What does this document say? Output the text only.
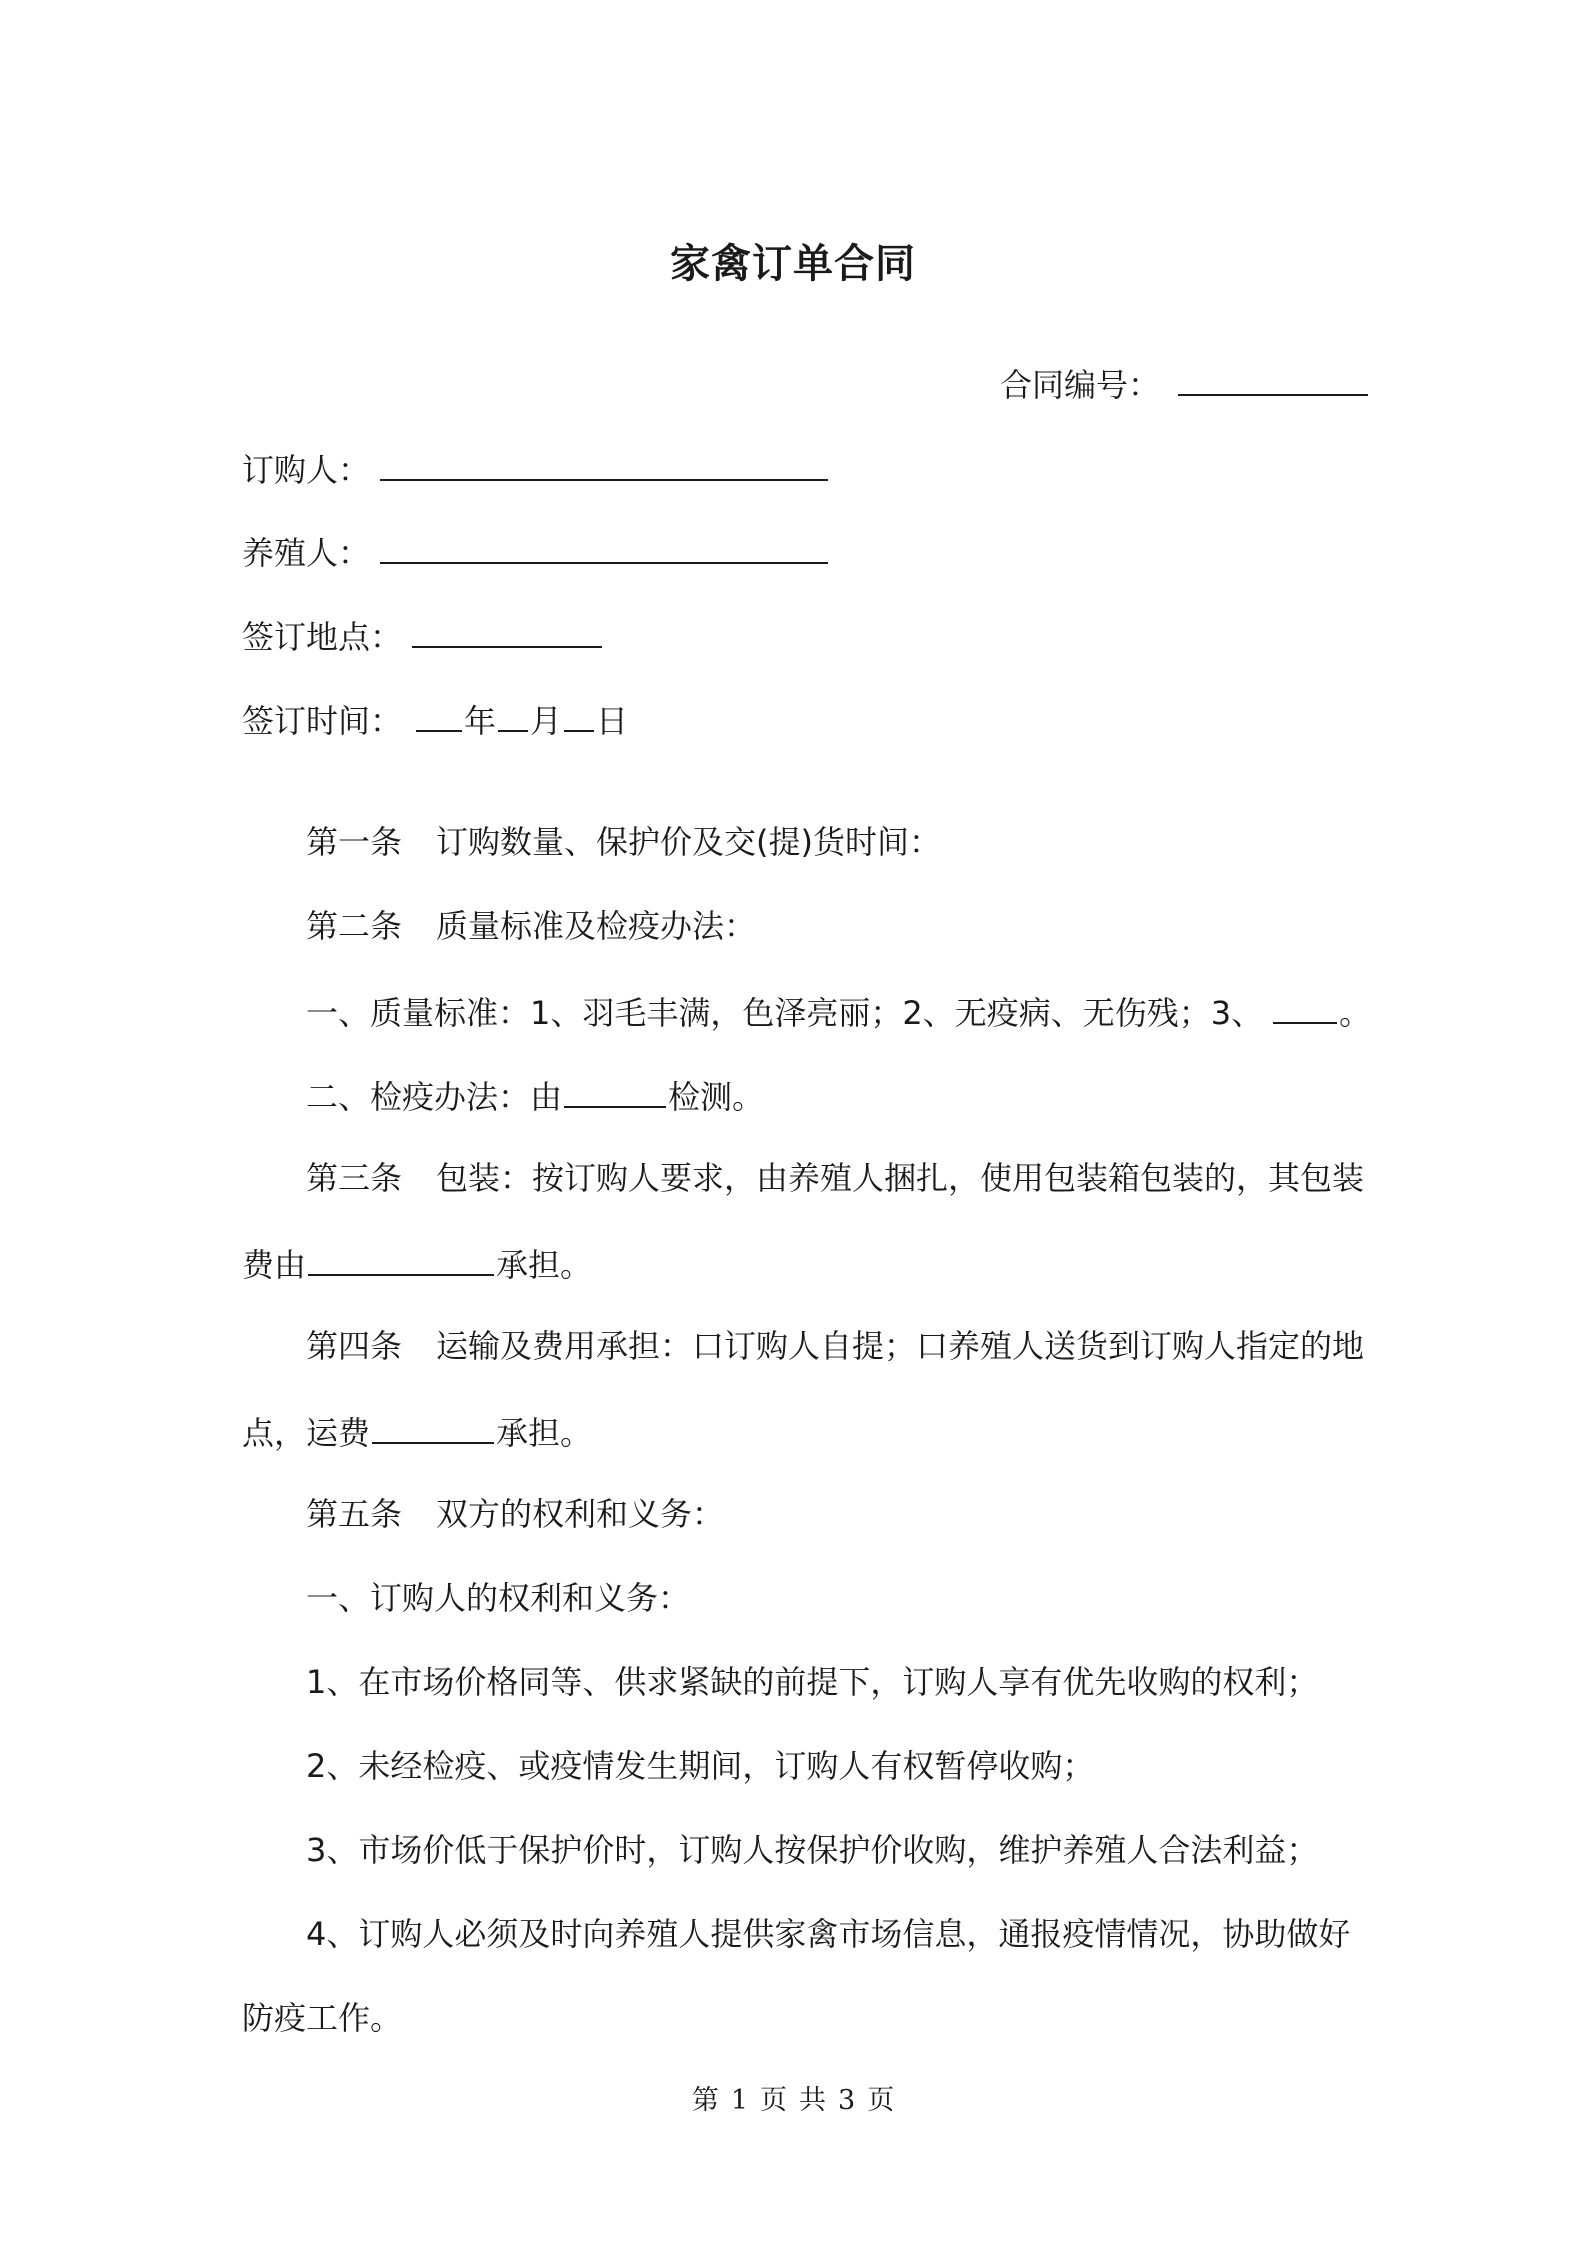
家禽订单合同
合同编号：
订购人：
养殖人：
签订地点：
签订时间： 年 月 日
第一条 订购数量、保护价及交(提)货时间：
第二条 质量标准及检疫办法：
一、质量标准：1、羽毛丰满，色泽亮丽；2、无疫病、无伤残；3、 。
二、检疫办法：由	检测。
第三条 包装：按订购人要求，由养殖人捆扎，使用包装箱包装的，其包装
费由	承担。
第四条 运输及费用承担：口订购人自提；口养殖人送货到订购人指定的地
点，运费	承担。
第五条 双方的权利和义务：
一、订购人的权利和义务：
1、在市场价格同等、供求紧缺的前提下，订购人享有优先收购的权利；
2、未经检疫、或疫情发生期间，订购人有权暂停收购；
3、市场价低于保护价时，订购人按保护价收购，维护养殖人合法利益；
4、订购人必须及时向养殖人提供家禽市场信息，通报疫情情况，协助做好
防疫工作。
第 1 页 共 3 页
